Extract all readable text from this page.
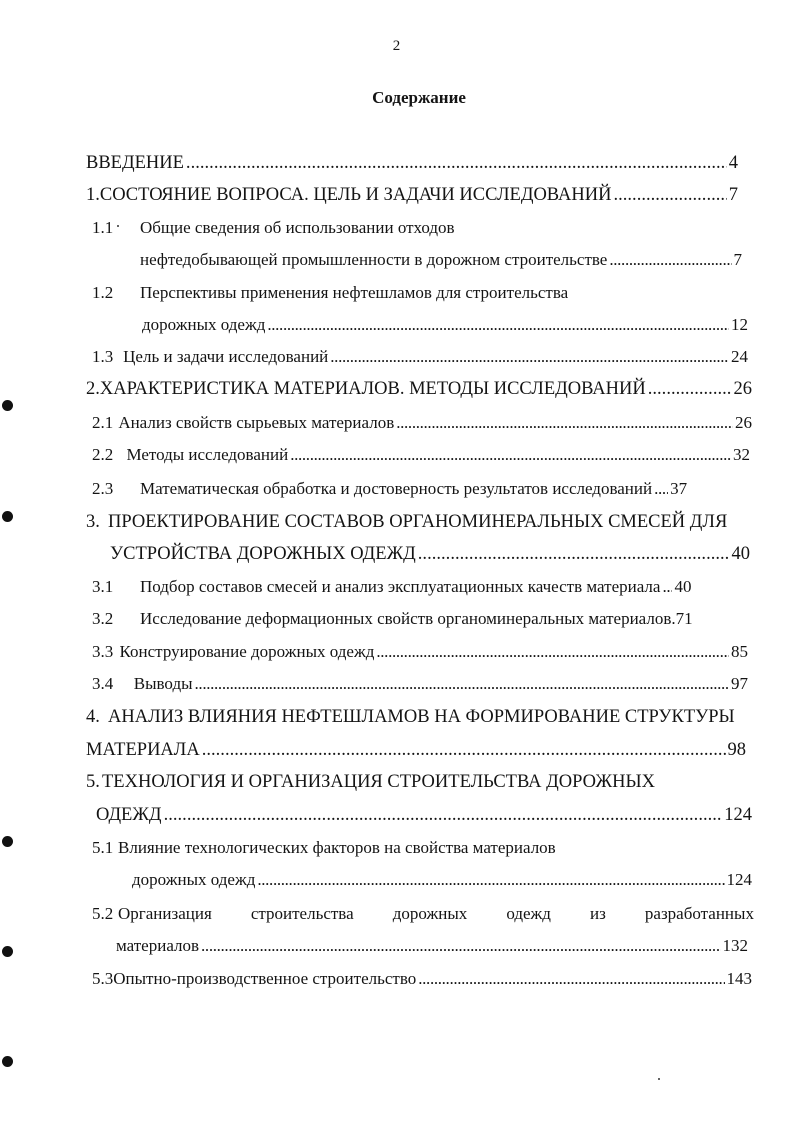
2
Содержание
ВВЕДЕНИЕ . . .	4
1. СОСТОЯНИЕ ВОПРОСА. ЦЕЛЬ И ЗАДАЧИ ИССЛЕДОВАНИЙ . . .	7
1.1	Общие сведения об использовании отходов
нефтедобывающей промышленности в дорожном строительстве . . .	7
1.2	Перспективы применения нефтешламов для строительства
дорожных одежд . . .	12
1.3 Цель и задачи исследований . . .	24
2. ХАРАКТЕРИСТИКА МАТЕРИАЛОВ. МЕТОДЫ ИССЛЕДОВАНИЙ . . .	26
2.1 Анализ свойств сырьевых материалов . . .	26
2.2 Методы исследований . . .	32
2.3	Математическая обработка и достоверность результатов исследований . . . 37
3. ПРОЕКТИРОВАНИЕ СОСТАВОВ ОРГАНОМИНЕРАЛЬНЫХ СМЕСЕЙ ДЛЯ
УСТРОЙСТВА ДОРОЖНЫХ ОДЕЖД . . .	40
3.1	Подбор составов смесей и анализ эксплуатационных качеств материала . . . 40
3.2	Исследование деформационных свойств органоминеральных материалов. 71
3.3 Конструирование дорожных одежд . . .	85
3.4	Выводы . . .	97
4. АНАЛИЗ ВЛИЯНИЯ НЕФТЕШЛАМОВ НА ФОРМИРОВАНИЕ СТРУКТУРЫ
МАТЕРИАЛА . . .	98
5. ТЕХНОЛОГИЯ И ОРГАНИЗАЦИЯ СТРОИТЕЛЬСТВА ДОРОЖНЫХ
ОДЕЖД . . .	124
5.1 Влияние технологических факторов на свойства материалов
дорожных одежд . . .	124
5.2 Организация строительства дорожных одежд из разработанных
материалов . . .	132
5.3 Опытно-производственное строительство . . .	143
